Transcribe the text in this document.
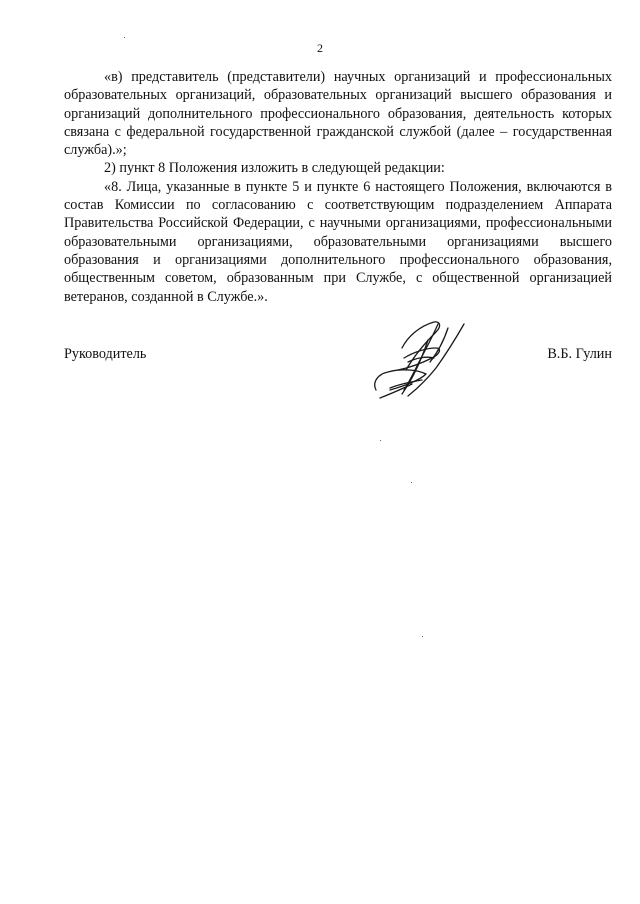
2

«в) представитель (представители) научных организаций и профессиональных образовательных организаций, образовательных организаций высшего образования и организаций дополнительного профессионального образования, деятельность которых связана с федеральной государственной гражданской службой (далее – государственная служба).»;

2) пункт 8 Положения изложить в следующей редакции:

«8. Лица, указанные в пункте 5 и пункте 6 настоящего Положения, включаются в состав Комиссии по согласованию с соответствующим подразделением Аппарата Правительства Российской Федерации, с научными организациями, профессиональными образовательными организациями, образовательными организациями высшего образования и организациями дополнительного профессионального образования, общественным советом, образованным при Службе, с общественной организацией ветеранов, созданной в Службе.».

Руководитель	В.Б. Гулин
